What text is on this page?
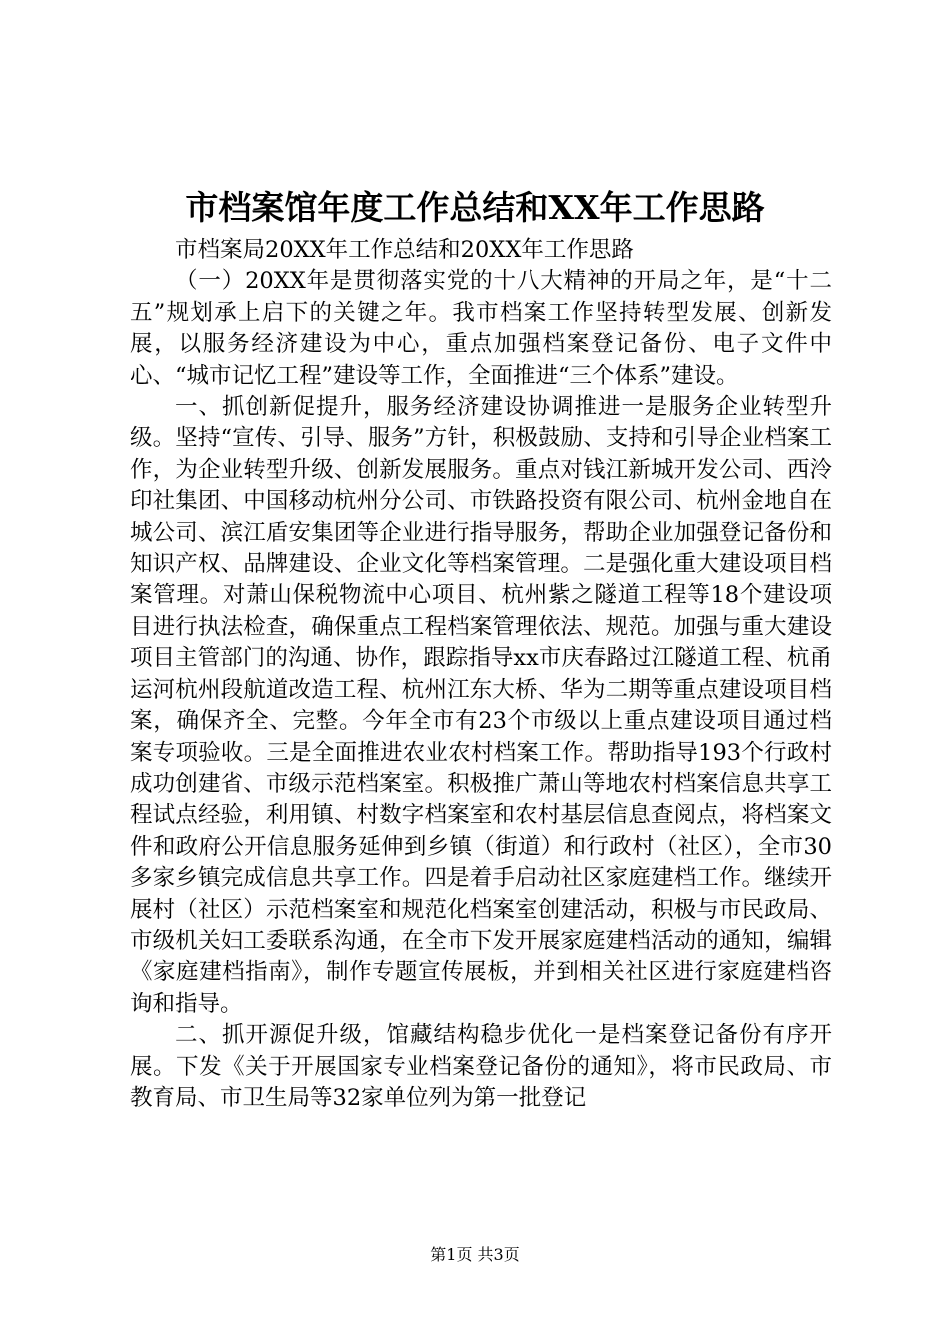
市档案馆年度工作总结和XX年工作思路

市档案局20XX年工作总结和20XX年工作思路

（一）20XX年是贯彻落实党的十八大精神的开局之年，是“十二五”规划承上启下的关键之年。我市档案工作坚持转型发展、创新发展，以服务经济建设为中心，重点加强档案登记备份、电子文件中心、“城市记忆工程”建设等工作，全面推进“三个体系”建设。

一、抓创新促提升，服务经济建设协调推进一是服务企业转型升级。坚持“宣传、引导、服务”方针，积极鼓励、支持和引导企业档案工作，为企业转型升级、创新发展服务。重点对钱江新城开发公司、西泠印社集团、中国移动杭州分公司、市铁路投资有限公司、杭州金地自在城公司、滨江盾安集团等企业进行指导服务，帮助企业加强登记备份和知识产权、品牌建设、企业文化等档案管理。二是强化重大建设项目档案管理。对萧山保税物流中心项目、杭州紫之隧道工程等18个建设项目进行执法检查，确保重点工程档案管理依法、规范。加强与重大建设项目主管部门的沟通、协作，跟踪指导xx市庆春路过江隧道工程、杭甬运河杭州段航道改造工程、杭州江东大桥、华为二期等重点建设项目档案，确保齐全、完整。今年全市有23个市级以上重点建设项目通过档案专项验收。三是全面推进农业农村档案工作。帮助指导193个行政村成功创建省、市级示范档案室。积极推广萧山等地农村档案信息共享工程试点经验，利用镇、村数字档案室和农村基层信息查阅点，将档案文件和政府公开信息服务延伸到乡镇（街道）和行政村（社区），全市30多家乡镇完成信息共享工作。四是着手启动社区家庭建档工作。继续开展村（社区）示范档案室和规范化档案室创建活动，积极与市民政局、市级机关妇工委联系沟通，在全市下发开展家庭建档活动的通知，编辑《家庭建档指南》，制作专题宣传展板，并到相关社区进行家庭建档咨询和指导。

二、抓开源促升级，馆藏结构稳步优化一是档案登记备份有序开展。下发《关于开展国家专业档案登记备份的通知》，将市民政局、市教育局、市卫生局等32家单位列为第一批登记

第1页 共3页
